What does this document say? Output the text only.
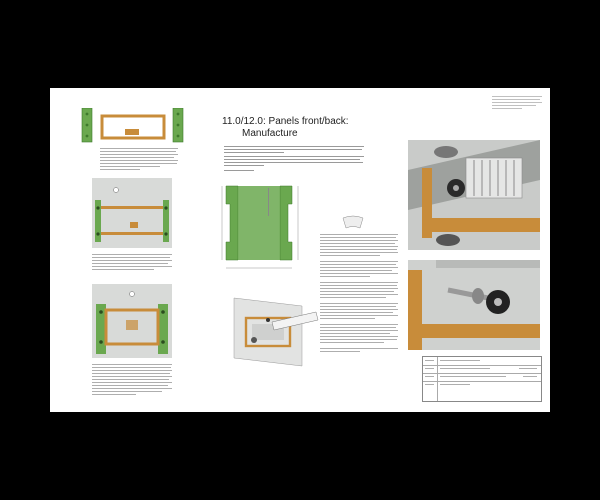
11.0/12.0: Panels front/back:
Manufacture
